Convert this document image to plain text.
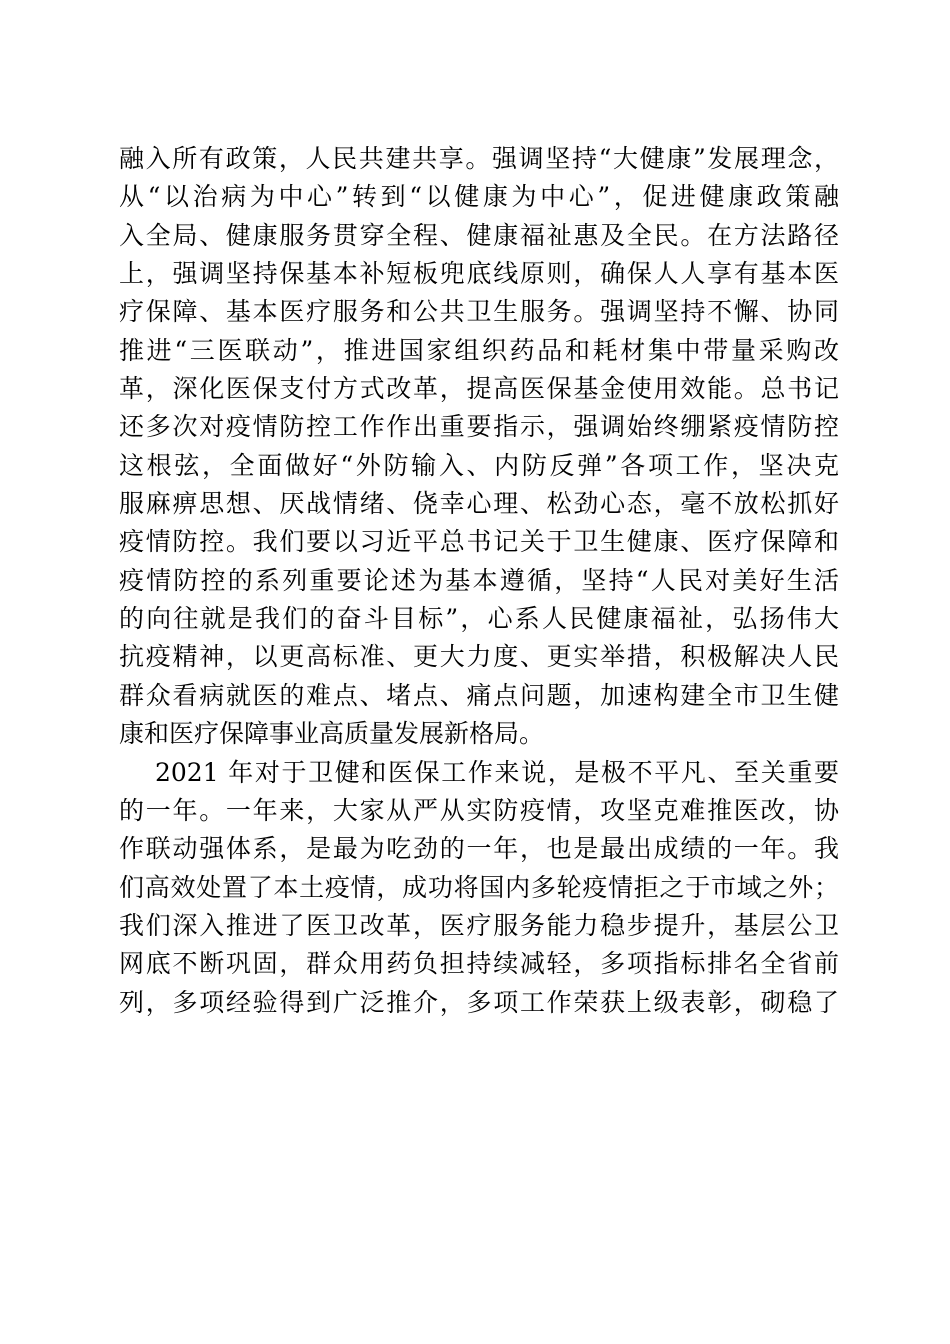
融入所有政策，人民共建共享。强调坚持“大健康”发展理念，
从“以治病为中心”转到“以健康为中心”，促进健康政策融
入全局、健康服务贯穿全程、健康福祉惠及全民。在方法路径
上，强调坚持保基本补短板兜底线原则，确保人人享有基本医
疗保障、基本医疗服务和公共卫生服务。强调坚持不懈、协同
推进“三医联动”，推进国家组织药品和耗材集中带量采购改
革，深化医保支付方式改革，提高医保基金使用效能。总书记
还多次对疫情防控工作作出重要指示，强调始终绷紧疫情防控
这根弦，全面做好“外防输入、内防反弹”各项工作，坚决克
服麻痹思想、厌战情绪、侥幸心理、松劲心态，毫不放松抓好
疫情防控。我们要以习近平总书记关于卫生健康、医疗保障和
疫情防控的系列重要论述为基本遵循，坚持“人民对美好生活
的向往就是我们的奋斗目标”，心系人民健康福祉，弘扬伟大
抗疫精神，以更高标准、更大力度、更实举措，积极解决人民
群众看病就医的难点、堵点、痛点问题，加速构建全市卫生健
康和医疗保障事业高质量发展新格局。
2021 年对于卫健和医保工作来说，是极不平凡、至关重要
的一年。一年来，大家从严从实防疫情，攻坚克难推医改，协
作联动强体系，是最为吃劲的一年，也是最出成绩的一年。我
们高效处置了本土疫情，成功将国内多轮疫情拒之于市域之外；
我们深入推进了医卫改革，医疗服务能力稳步提升，基层公卫
网底不断巩固，群众用药负担持续减轻，多项指标排名全省前
列，多项经验得到广泛推介，多项工作荣获上级表彰，砌稳了
